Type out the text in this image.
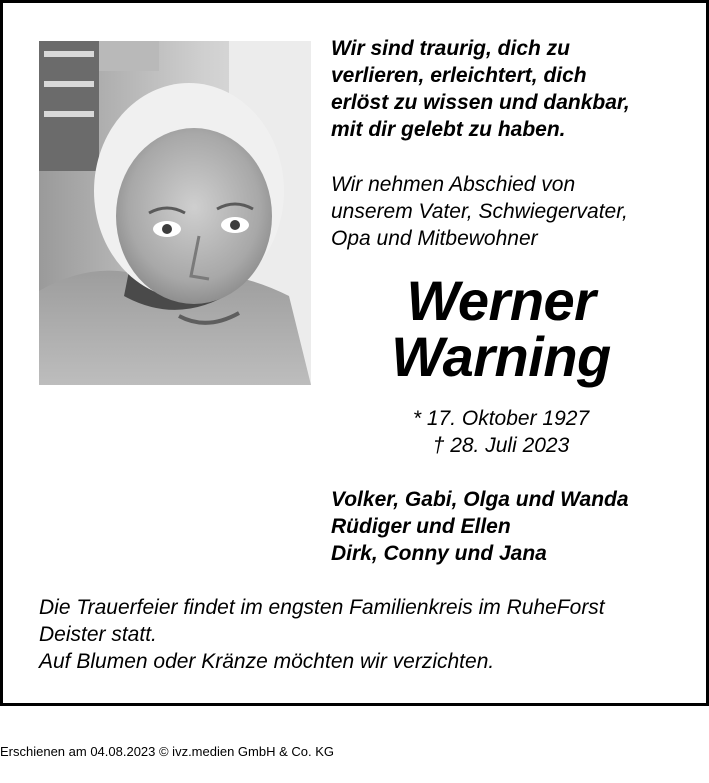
Wir sind traurig, dich zu
verlieren, erleichtert, dich
erlöst zu wissen und dankbar,
mit dir gelebt zu haben.
Wir nehmen Abschied von
unserem Vater, Schwiegervater,
Opa und Mitbewohner
Werner
Warning
* 17. Oktober 1927
† 28. Juli 2023
Volker, Gabi, Olga und Wanda
Rüdiger und Ellen
Dirk, Conny und Jana
Die Trauerfeier findet im engsten Familienkreis im RuheForst
Deister statt.
Auf Blumen oder Kränze möchten wir verzichten.
Erschienen am 04.08.2023 © ivz.medien GmbH & Co. KG
